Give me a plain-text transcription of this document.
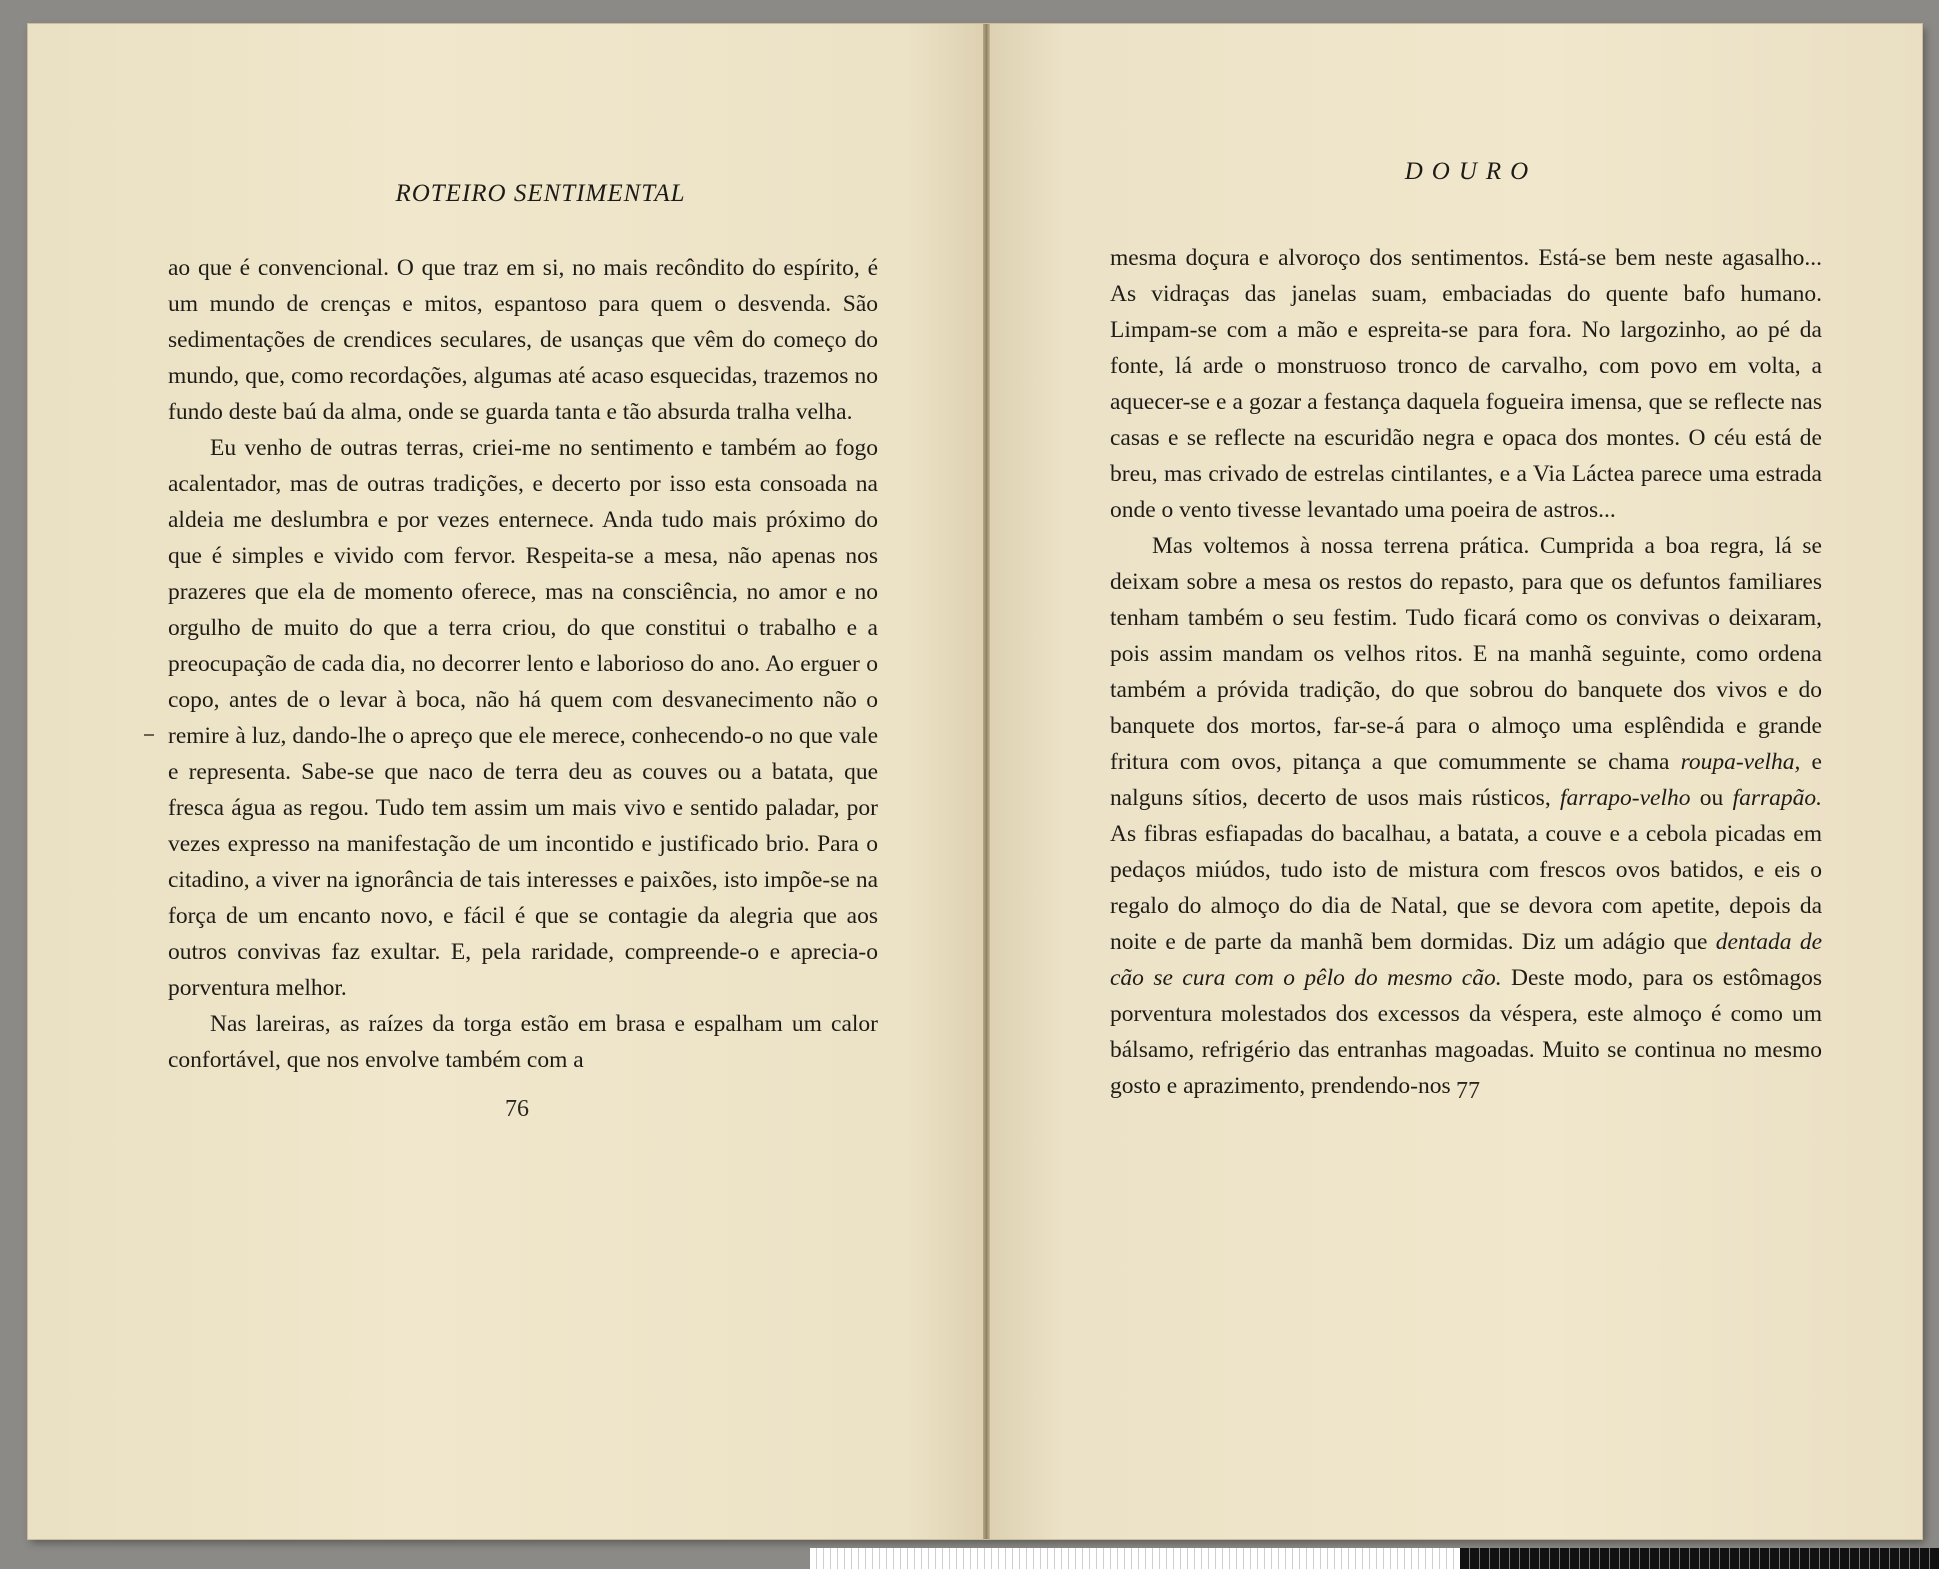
ROTEIRO SENTIMENTAL

ao que é convencional. O que traz em si, no mais recôndito do espírito, é um mundo de crenças e mitos, espantoso para quem o desvenda. São sedimentações de crendices seculares, de usanças que vêm do começo do mundo, que, como recordações, algumas até acaso esquecidas, trazemos no fundo deste baú da alma, onde se guarda tanta e tão absurda tralha velha.

Eu venho de outras terras, criei-me no sentimento e também ao fogo acalentador, mas de outras tradições, e decerto por isso esta consoada na aldeia me deslumbra e por vezes enternece. Anda tudo mais próximo do que é simples e vivido com fervor. Respeita-se a mesa, não apenas nos prazeres que ela de momento oferece, mas na consciência, no amor e no orgulho de muito do que a terra criou, do que constitui o trabalho e a preocupação de cada dia, no decorrer lento e laborioso do ano. Ao erguer o copo, antes de o levar à boca, não há quem com desvanecimento não o remire à luz, dando-lhe o apreço que ele merece, conhecendo-o no que vale e representa. Sabe-se que naco de terra deu as couves ou a batata, que fresca água as regou. Tudo tem assim um mais vivo e sentido paladar, por vezes expresso na manifestação de um incontido e justificado brio. Para o citadino, a viver na ignorância de tais interesses e paixões, isto impõe-se na força de um encanto novo, e fácil é que se contagie da alegria que aos outros convivas faz exultar. E, pela raridade, compreende-o e aprecia-o porventura melhor.

Nas lareiras, as raízes da torga estão em brasa e espalham um calor confortável, que nos envolve também com a

76
DOURO

mesma doçura e alvoroço dos sentimentos. Está-se bem neste agasalho... As vidraças das janelas suam, embaciadas do quente bafo humano. Limpam-se com a mão e espreita-se para fora. No largozinho, ao pé da fonte, lá arde o monstruoso tronco de carvalho, com povo em volta, a aquecer-se e a gozar a festança daquela fogueira imensa, que se reflecte nas casas e se reflecte na escuridão negra e opaca dos montes. O céu está de breu, mas crivado de estrelas cintilantes, e a Via Láctea parece uma estrada onde o vento tivesse levantado uma poeira de astros...

Mas voltemos à nossa terrena prática. Cumprida a boa regra, lá se deixam sobre a mesa os restos do repasto, para que os defuntos familiares tenham também o seu festim. Tudo ficará como os convivas o deixaram, pois assim mandam os velhos ritos. E na manhã seguinte, como ordena também a próvida tradição, do que sobrou do banquete dos vivos e do banquete dos mortos, far-se-á para o almoço uma esplêndida e grande fritura com ovos, pitança a que comummente se chama roupa-velha, e nalguns sítios, decerto de usos mais rústicos, farrapo-velho ou farrapão. As fibras esfiapadas do bacalhau, a batata, a couve e a cebola picadas em pedaços miúdos, tudo isto de mistura com frescos ovos batidos, e eis o regalo do almoço do dia de Natal, que se devora com apetite, depois da noite e de parte da manhã bem dormidas. Diz um adágio que dentada de cão se cura com o pêlo do mesmo cão. Deste modo, para os estômagos porventura molestados dos excessos da véspera, este almoço é como um bálsamo, refrigério das entranhas magoadas. Muito se continua no mesmo gosto e aprazimento, prendendo-nos 77
